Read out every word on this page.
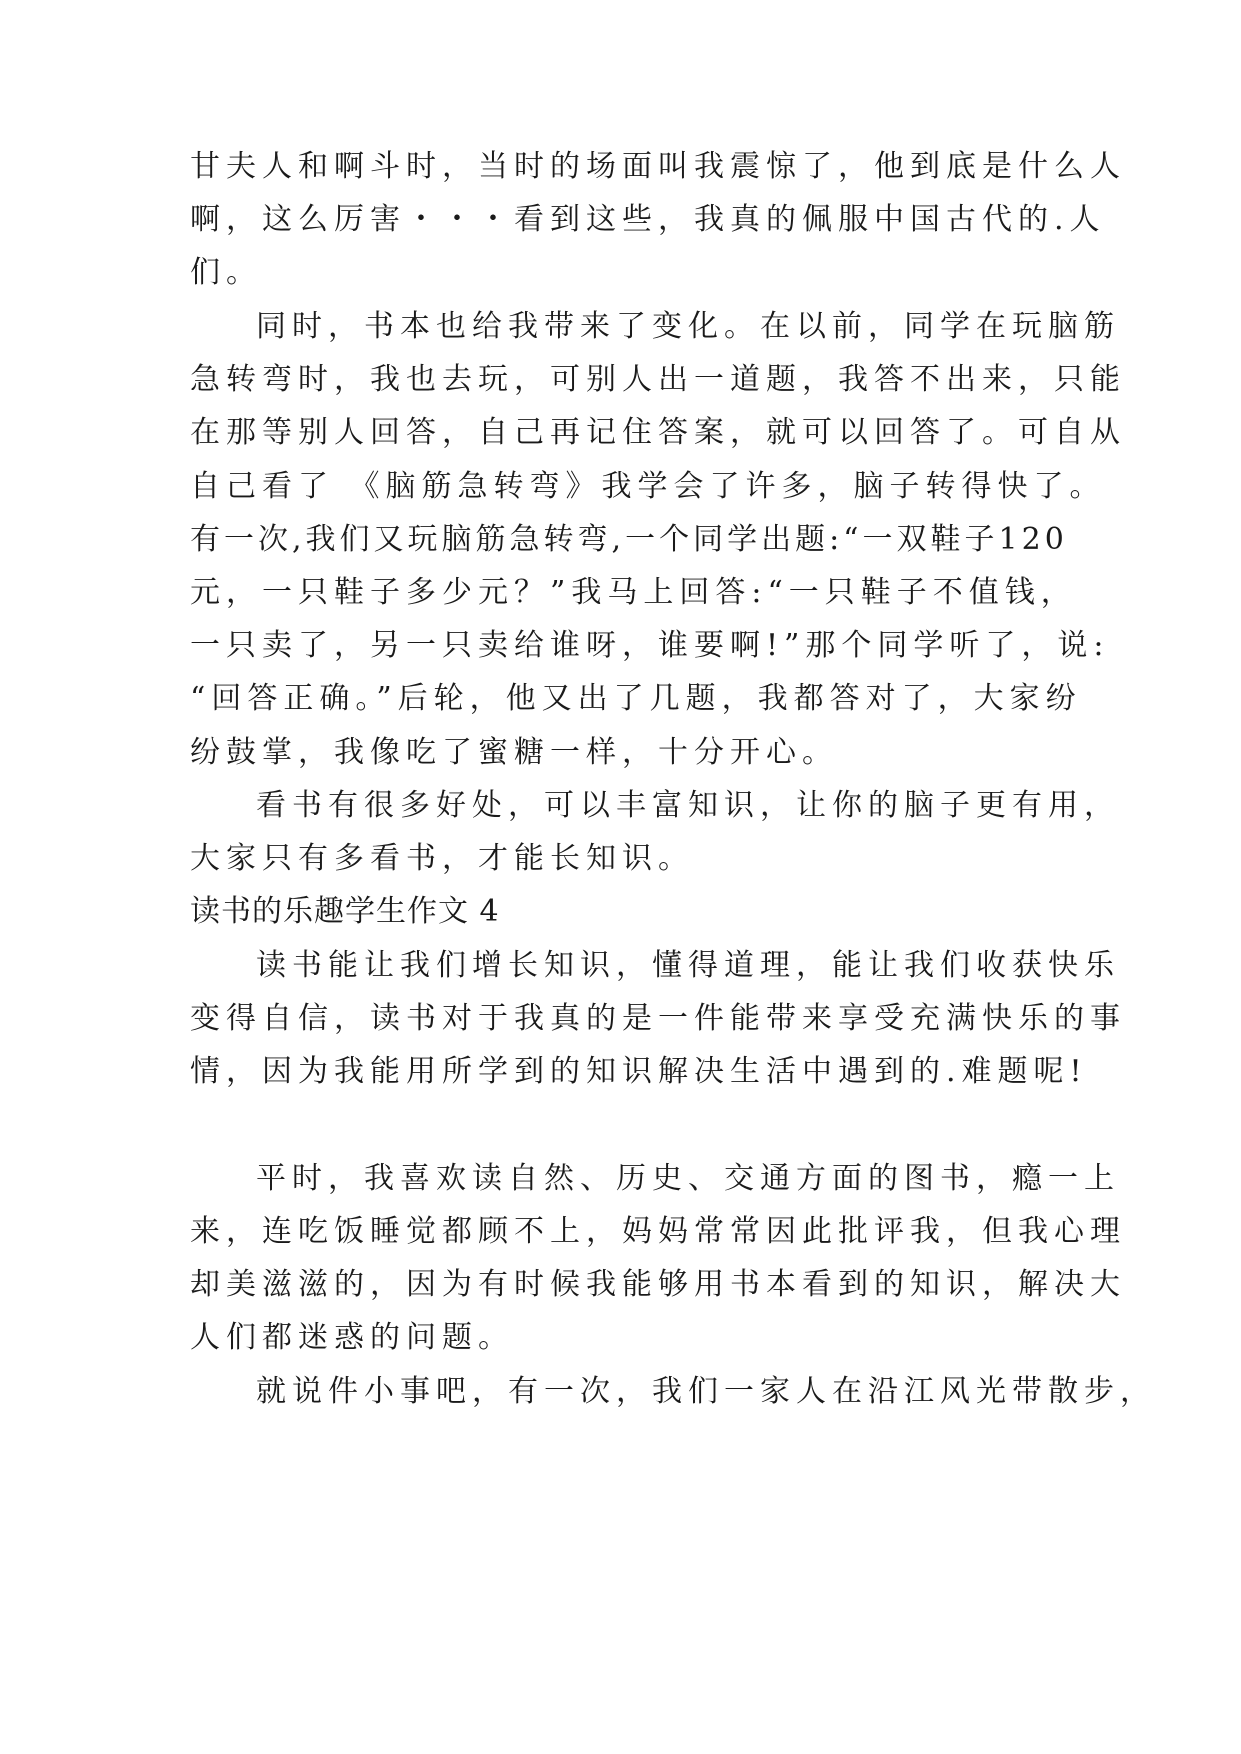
甘夫人和啊斗时，当时的场面叫我震惊了，他到底是什么人
啊，这么厉害・・・看到这些，我真的佩服中国古代的.人
们。
同时，书本也给我带来了变化。在以前，同学在玩脑筋
急转弯时，我也去玩，可别人出一道题，我答不出来，只能
在那等别人回答，自己再记住答案，就可以回答了。可自从
自己看了 《脑筋急转弯》我学会了许多，脑子转得快了。
有一次,我们又玩脑筋急转弯,一个同学出题:“一双鞋子120
元，一只鞋子多少元？”我马上回答:“一只鞋子不值钱，
一只卖了，另一只卖给谁呀，谁要啊!”那个同学听了，说:
“回答正确。”后轮，他又出了几题，我都答对了，大家纷
纷鼓掌，我像吃了蜜糖一样，十分开心。
看书有很多好处，可以丰富知识，让你的脑子更有用，
大家只有多看书，才能长知识。
读书的乐趣学生作文 4
读书能让我们增长知识，懂得道理，能让我们收获快乐
变得自信，读书对于我真的是一件能带来享受充满快乐的事
情，因为我能用所学到的知识解决生活中遇到的.难题呢!
平时，我喜欢读自然、历史、交通方面的图书，瘾一上
来，连吃饭睡觉都顾不上，妈妈常常因此批评我，但我心理
却美滋滋的，因为有时候我能够用书本看到的知识，解决大
人们都迷惑的问题。
就说件小事吧，有一次，我们一家人在沿江风光带散步，
